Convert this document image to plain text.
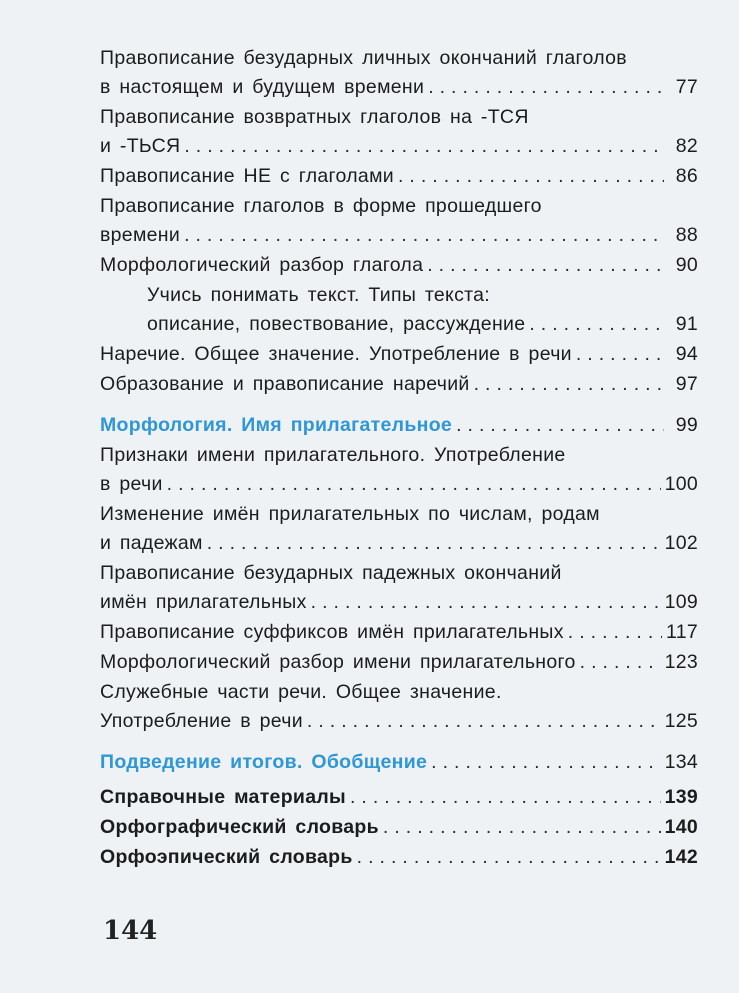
Правописание безударных личных окончаний глаголов
в настоящем и будущем времени . . .	77
Правописание возвратных глаголов на -ТСЯ
и -ТЬСЯ . . .	82
Правописание НЕ с глаголами . . .	86
Правописание глаголов в форме прошедшего
времени . . .	88
Морфологический разбор глагола . . .	90
Учись понимать текст. Типы текста:
описание, повествование, рассуждение . . .	91
Наречие. Общее значение. Употребление в речи . . .	94
Образование и правописание наречий . . .	97
Морфология. Имя прилагательное . . .	99
Признаки имени прилагательного. Употребление
в речи . . .	100
Изменение имён прилагательных по числам, родам
и падежам . . .	102
Правописание безударных падежных окончаний
имён прилагательных . . .	109
Правописание суффиксов имён прилагательных . . .	117
Морфологический разбор имени прилагательного . . .	123
Служебные части речи. Общее значение.
Употребление в речи . . .	125
Подведение итогов. Обобщение . . .	134
Справочные материалы . . .	139
Орфографический словарь . . .	140
Орфоэпический словарь . . .	142
144
